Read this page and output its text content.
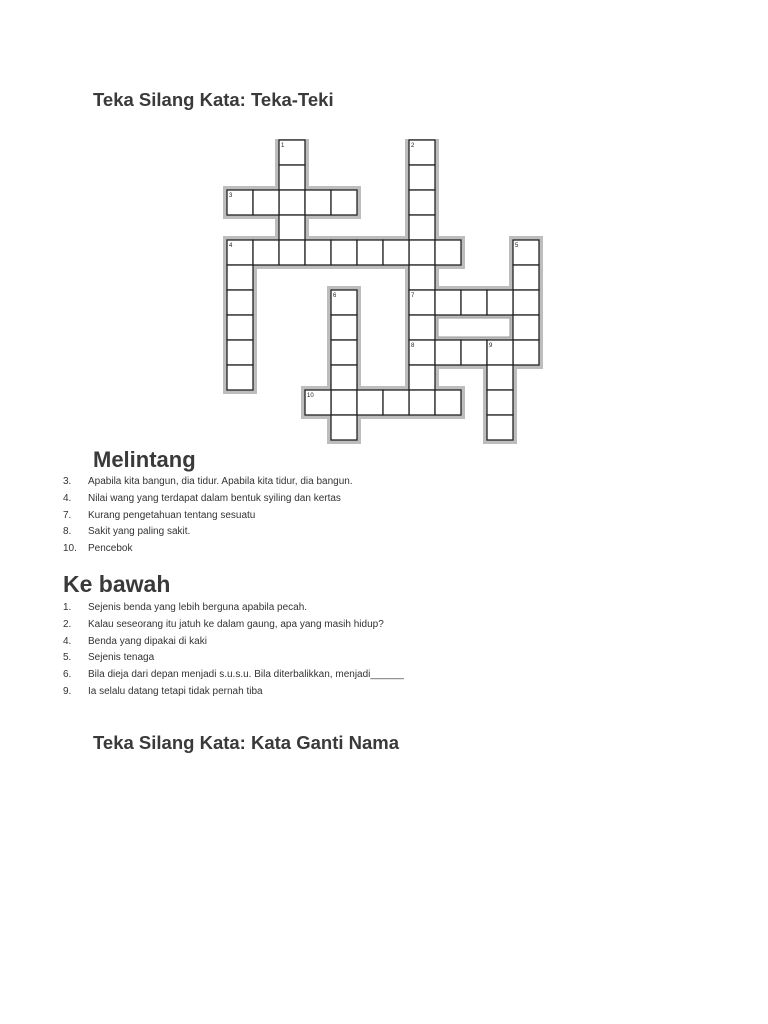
Teka Silang Kata: Teka-Teki
1	2
3
4	5
6	7
8	9
10
Melintang
3. Apabila kita bangun, dia tidur. Apabila kita tidur, dia bangun.
4. Nilai wang yang terdapat dalam bentuk syiling dan kertas
7. Kurang pengetahuan tentang sesuatu
8. Sakit yang paling sakit.
10. Pencebok
Ke bawah
1. Sejenis benda yang lebih berguna apabila pecah.
2. Kalau seseorang itu jatuh ke dalam gaung, apa yang masih hidup?
4. Benda yang dipakai di kaki
5. Sejenis tenaga
6. Bila dieja dari depan menjadi s.u.s.u. Bila diterbalikkan, menjadi______
9. Ia selalu datang tetapi tidak pernah tiba
Teka Silang Kata: Kata Ganti Nama
